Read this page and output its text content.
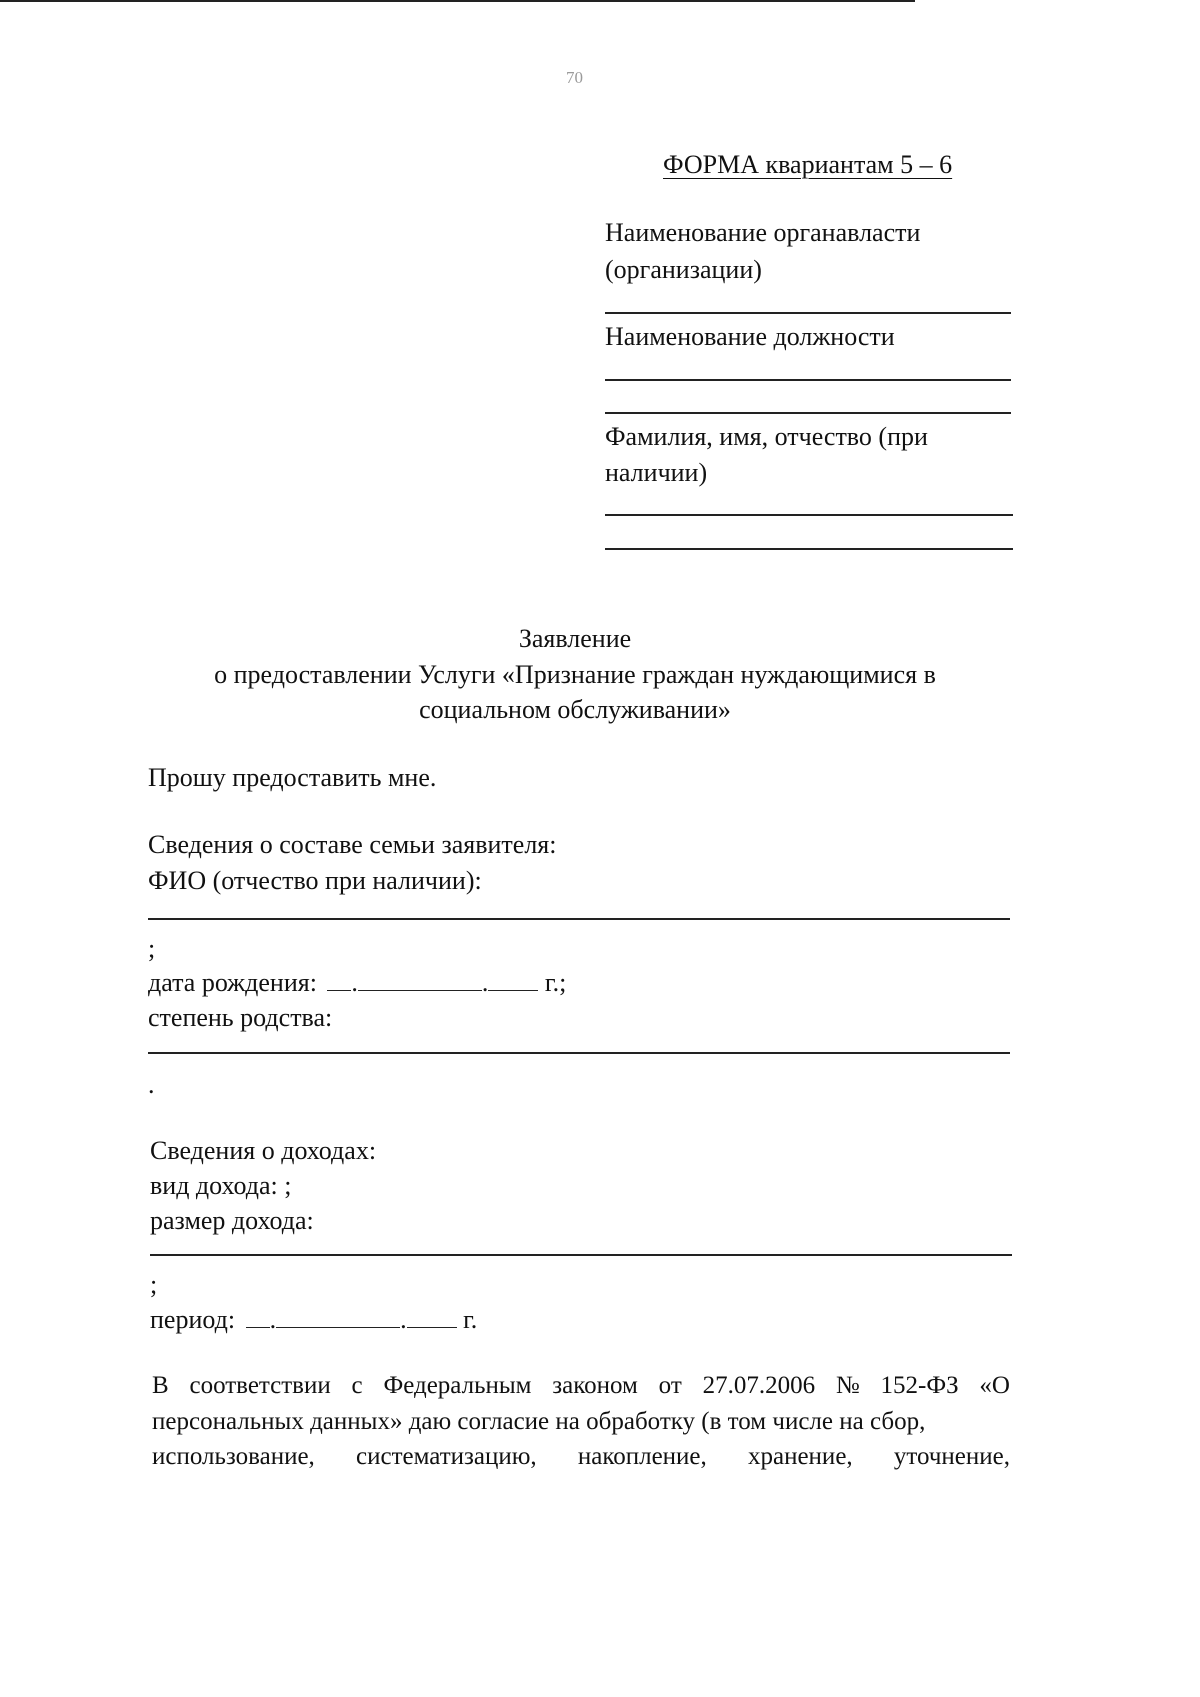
70
ФОРМА квариантам 5 – 6
Наименование органавласти
(организации)
Наименование должности
Фамилия, имя, отчество (при
наличии)
Заявление
о предоставлении Услуги «Признание граждан нуждающимися в
социальном обслуживании»
Прошу предоставить мне.
Сведения о составе семьи заявителя:
ФИО (отчество при наличии):
;
дата рождения: .	. г.;
степень родства:
.
Сведения о доходах:
вид дохода: ;
размер дохода:
;
период: .	. г.
В соответствии с Федеральным законом от 27.07.2006 № 152-ФЗ «О
персональных данных» даю согласие на обработку (в том числе на сбор,
использование, систематизацию, накопление, хранение, уточнение,
